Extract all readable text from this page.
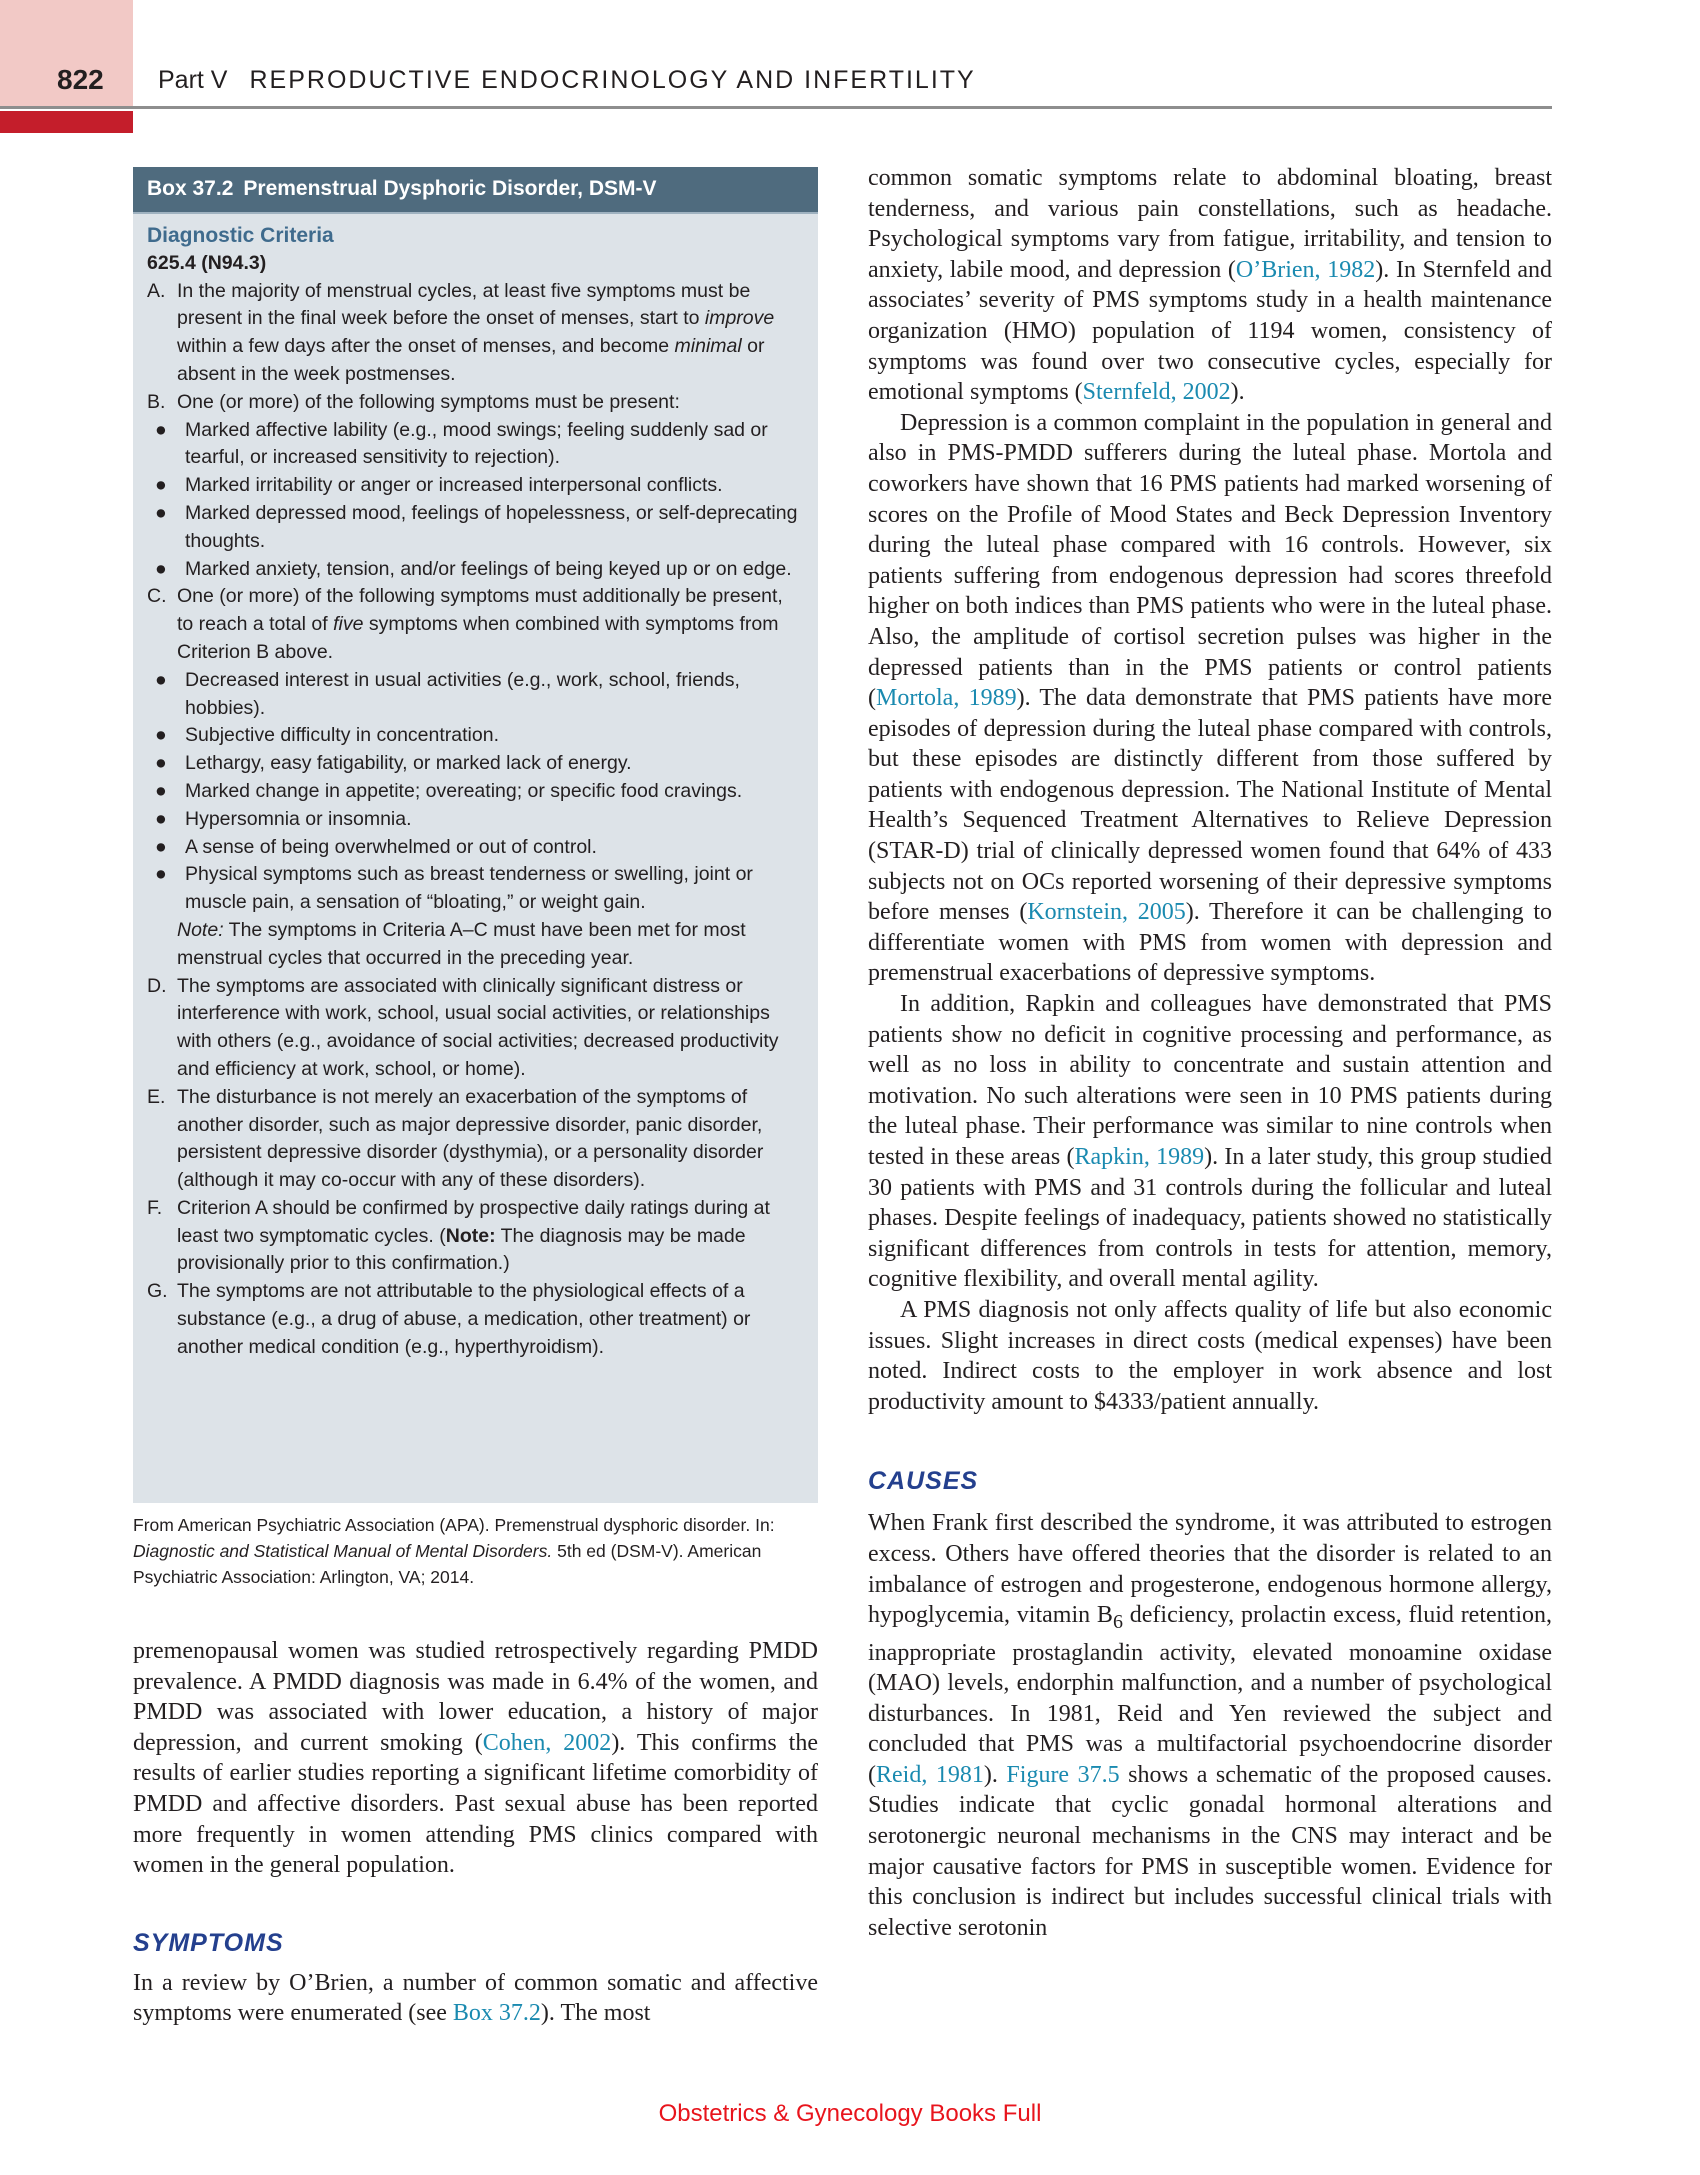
822 Part V REPRODUCTIVE ENDOCRINOLOGY AND INFERTILITY
Box 37.2 Premenstrual Dysphoric Disorder, DSM-V
Diagnostic Criteria
625.4 (N94.3)
A. In the majority of menstrual cycles, at least five symptoms must be present in the final week before the onset of menses, start to improve within a few days after the onset of menses, and become minimal or absent in the week postmenses.
B. One (or more) of the following symptoms must be present:
● Marked affective lability (e.g., mood swings; feeling suddenly sad or tearful, or increased sensitivity to rejection).
● Marked irritability or anger or increased interpersonal conflicts.
● Marked depressed mood, feelings of hopelessness, or self-deprecating thoughts.
● Marked anxiety, tension, and/or feelings of being keyed up or on edge.
C. One (or more) of the following symptoms must additionally be present, to reach a total of five symptoms when combined with symptoms from Criterion B above.
● Decreased interest in usual activities (e.g., work, school, friends, hobbies).
● Subjective difficulty in concentration.
● Lethargy, easy fatigability, or marked lack of energy.
● Marked change in appetite; overeating; or specific food cravings.
● Hypersomnia or insomnia.
● A sense of being overwhelmed or out of control.
● Physical symptoms such as breast tenderness or swelling, joint or muscle pain, a sensation of “bloating,” or weight gain.
Note: The symptoms in Criteria A–C must have been met for most menstrual cycles that occurred in the preceding year.
D. The symptoms are associated with clinically significant distress or interference with work, school, usual social activities, or relationships with others (e.g., avoidance of social activities; decreased productivity and efficiency at work, school, or home).
E. The disturbance is not merely an exacerbation of the symptoms of another disorder, such as major depressive disorder, panic disorder, persistent depressive disorder (dysthymia), or a personality disorder (although it may co-occur with any of these disorders).
F. Criterion A should be confirmed by prospective daily ratings during at least two symptomatic cycles. (Note: The diagnosis may be made provisionally prior to this confirmation.)
G. The symptoms are not attributable to the physiological effects of a substance (e.g., a drug of abuse, a medication, other treatment) or another medical condition (e.g., hyperthyroidism).
From American Psychiatric Association (APA). Premenstrual dysphoric disorder. In: Diagnostic and Statistical Manual of Mental Disorders. 5th ed (DSM-V). American Psychiatric Association: Arlington, VA; 2014.

premenopausal women was studied retrospectively regarding PMDD prevalence. A PMDD diagnosis was made in 6.4% of the women, and PMDD was associated with lower education, a history of major depression, and current smoking (Cohen, 2002). This confirms the results of earlier studies reporting a significant lifetime comorbidity of PMDD and affective disorders. Past sexual abuse has been reported more frequently in women attending PMS clinics compared with women in the general population.

SYMPTOMS

In a review by O’Brien, a number of common somatic and affective symptoms were enumerated (see Box 37.2). The most

common somatic symptoms relate to abdominal bloating, breast tenderness, and various pain constellations, such as headache. Psychological symptoms vary from fatigue, irritability, and tension to anxiety, labile mood, and depression (O’Brien, 1982). In Sternfeld and associates’ severity of PMS symptoms study in a health maintenance organization (HMO) population of 1194 women, consistency of symptoms was found over two consecutive cycles, especially for emotional symptoms (Sternfeld, 2002).

Depression is a common complaint in the population in general and also in PMS-PMDD sufferers during the luteal phase. Mortola and coworkers have shown that 16 PMS patients had marked worsening of scores on the Profile of Mood States and Beck Depression Inventory during the luteal phase compared with 16 controls. However, six patients suffering from endogenous depression had scores threefold higher on both indices than PMS patients who were in the luteal phase. Also, the amplitude of cortisol secretion pulses was higher in the depressed patients than in the PMS patients or control patients (Mortola, 1989). The data demonstrate that PMS patients have more episodes of depression during the luteal phase compared with controls, but these episodes are distinctly different from those suffered by patients with endogenous depression. The National Institute of Mental Health’s Sequenced Treatment Alternatives to Relieve Depression (STAR-D) trial of clinically depressed women found that 64% of 433 subjects not on OCs reported worsening of their depressive symptoms before menses (Kornstein, 2005). Therefore it can be challenging to differentiate women with PMS from women with depression and premenstrual exacerbations of depressive symptoms.

In addition, Rapkin and colleagues have demonstrated that PMS patients show no deficit in cognitive processing and performance, as well as no loss in ability to concentrate and sustain attention and motivation. No such alterations were seen in 10 PMS patients during the luteal phase. Their performance was similar to nine controls when tested in these areas (Rapkin, 1989). In a later study, this group studied 30 patients with PMS and 31 controls during the follicular and luteal phases. Despite feelings of inadequacy, patients showed no statistically significant differences from controls in tests for attention, memory, cognitive flexibility, and overall mental agility.

A PMS diagnosis not only affects quality of life but also economic issues. Slight increases in direct costs (medical expenses) have been noted. Indirect costs to the employer in work absence and lost productivity amount to $4333/patient annually.

CAUSES

When Frank first described the syndrome, it was attributed to estrogen excess. Others have offered theories that the disorder is related to an imbalance of estrogen and progesterone, endogenous hormone allergy, hypoglycemia, vitamin $B_6$ deficiency, prolactin excess, fluid retention, inappropriate prostaglandin activity, elevated monoamine oxidase (MAO) levels, endorphin malfunction, and a number of psychological disturbances. In 1981, Reid and Yen reviewed the subject and concluded that PMS was a multifactorial psychoendocrine disorder (Reid, 1981). Figure 37.5 shows a schematic of the proposed causes. Studies indicate that cyclic gonadal hormonal alterations and serotonergic neuronal mechanisms in the CNS may interact and be major causative factors for PMS in susceptible women. Evidence for this conclusion is indirect but includes successful clinical trials with selective serotonin

Obstetrics & Gynecology Books Full
